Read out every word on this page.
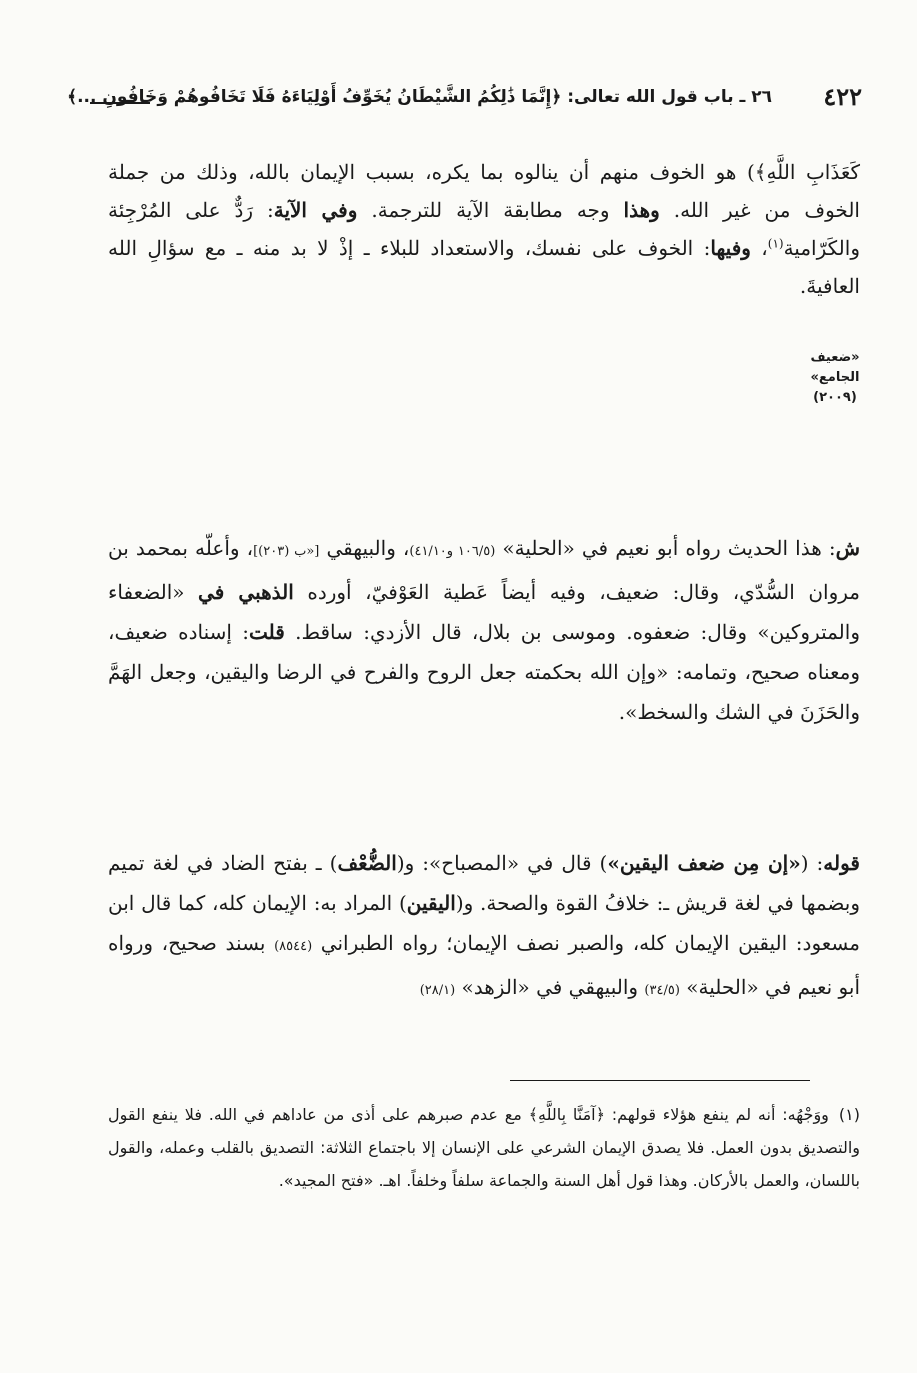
٤٢٢
٢٦ ـ باب قول الله تعالى: ﴿إِنَّمَا ذَٰلِكُمُ الشَّيْطَانُ يُخَوِّفُ أَوْلِيَاءَهُ فَلَا تَخَافُوهُمْ وَخَافُونِ ...﴾
كَعَذَابِ اللَّهِ﴾) هو الخوف منهم أن ينالوه بما يكره، بسبب الإيمان بالله، وذلك من جملة الخوف من غير الله. وهذا وجه مطابقة الآية للترجمة. وفي الآية: رَدٌّ على المُرْجِئة والكَرّامية$^{(١)}$، وفيها: الخوف على نفسك، والاستعداد للبلاء ـ إذْ لا بد منه ـ مع سؤالِ الله العافيةَ.
«ضعيف
الجامع»
(٢٠٠٩)
ش: هذا الحديث رواه أبو نعيم في «الحلية» (١٠٦/٥ و٤١/١٠)، والبيهقي [«ب (٢٠٣)]، وأعلّه بمحمد بن مروان السُّدّي، وقال: ضعيف، وفيه أيضاً عَطية العَوْفيّ، أورده الذهبي في «الضعفاء والمتروكين» وقال: ضعفوه. وموسى بن بلال، قال الأزدي: ساقط. قلت: إسناده ضعيف، ومعناه صحيح، وتمامه: «وإن الله بحكمته جعل الروح والفرح في الرضا واليقين، وجعل الهَمَّ والحَزَنَ في الشك والسخط».
قوله: («إن مِن ضعف اليقين») قال في «المصباح»: و(الضُّعْف) ـ بفتح الضاد في لغة تميم وبضمها في لغة قريش ـ: خلافُ القوة والصحة. و(اليقين) المراد به: الإيمان كله، كما قال ابن مسعود: اليقين الإيمان كله، والصبر نصف الإيمان؛ رواه الطبراني (٨٥٤٤) بسند صحيح، ورواه أبو نعيم في «الحلية» (٣٤/٥) والبيهقي في «الزهد» (٢٨/١)
(١)ووَجْهُه: أنه لم ينفع هؤلاء قولهم: ﴿آمَنَّا بِاللَّهِ﴾ مع عدم صبرهم على أذى من عاداهم في الله. فلا ينفع القول والتصديق بدون العمل. فلا يصدق الإيمان الشرعي على الإنسان إلا باجتماع الثلاثة: التصديق بالقلب وعمله، والقول باللسان، والعمل بالأركان. وهذا قول أهل السنة والجماعة سلفاً وخلفاً. اهـ. «فتح المجيد».
